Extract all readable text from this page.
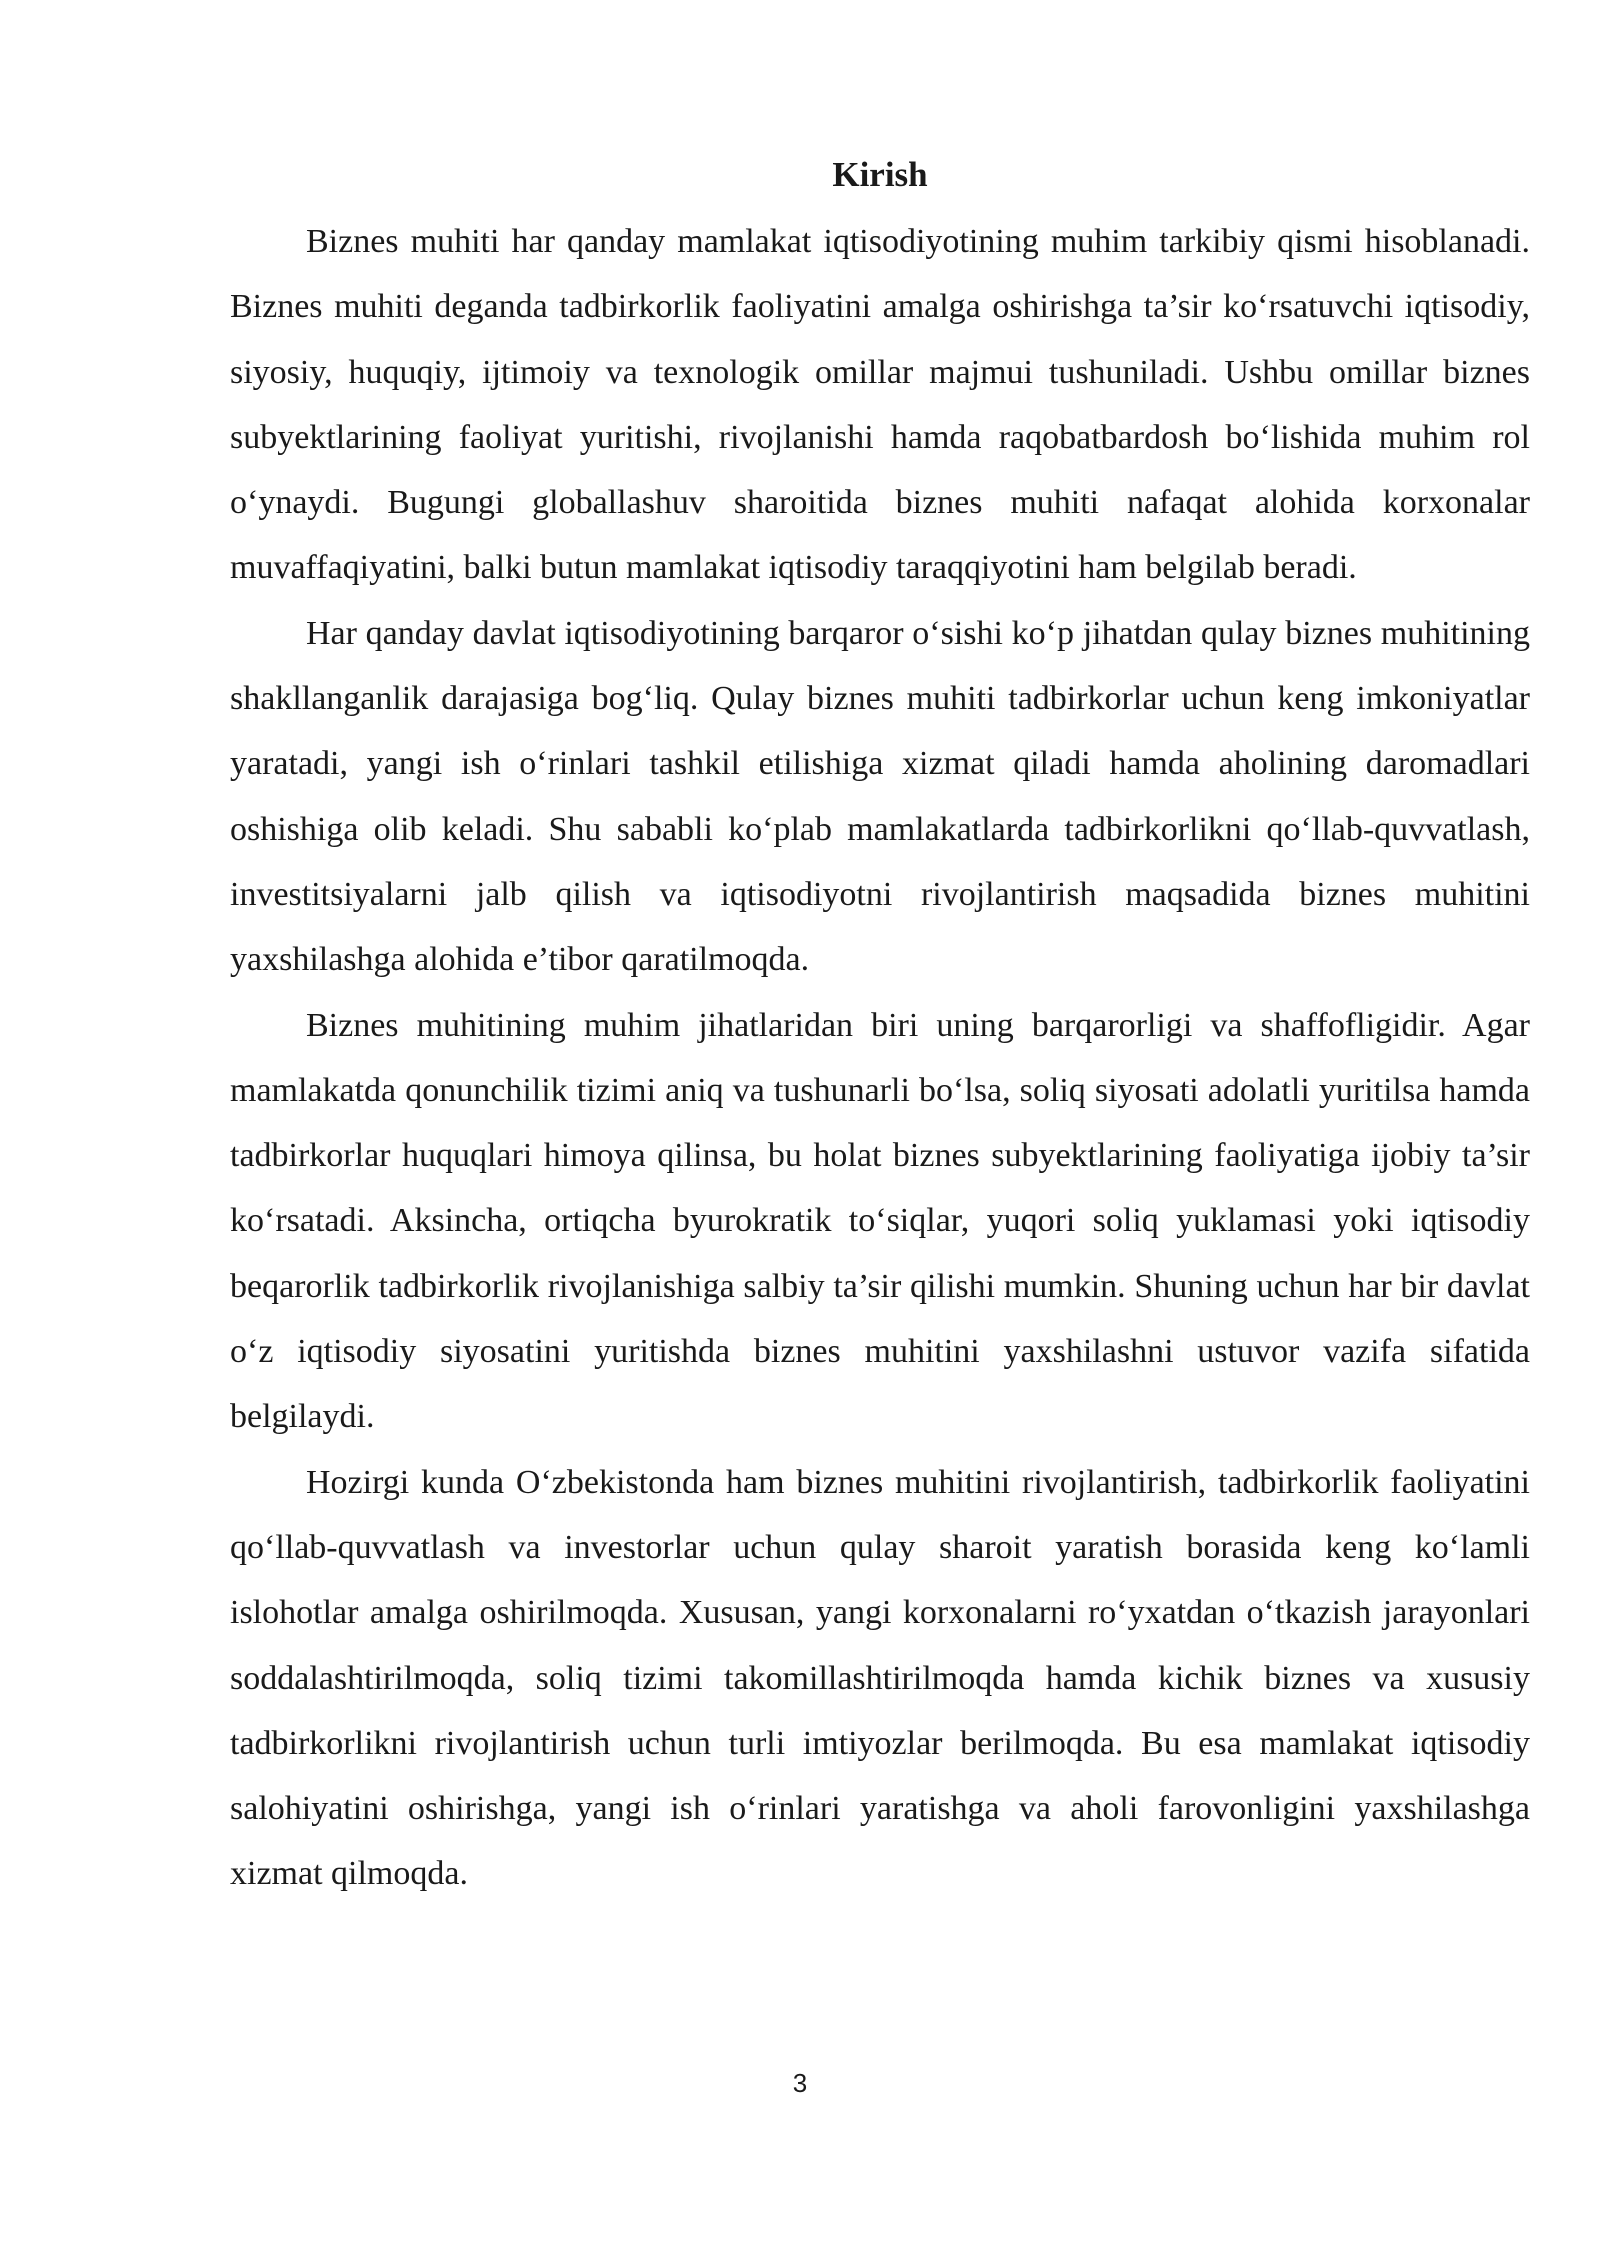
Kirish

Biznes muhiti har qanday mamlakat iqtisodiyotining muhim tarkibiy qismi hisoblanadi. Biznes muhiti deganda tadbirkorlik faoliyatini amalga oshirishga ta’sir ko‘rsatuvchi iqtisodiy, siyosiy, huquqiy, ijtimoiy va texnologik omillar majmui tushuniladi. Ushbu omillar biznes subyektlarining faoliyat yuritishi, rivojlanishi hamda raqobatbardosh bo‘lishida muhim rol o‘ynaydi. Bugungi globallashuv sharoitida biznes muhiti nafaqat alohida korxonalar muvaffaqiyatini, balki butun mamlakat iqtisodiy taraqqiyotini ham belgilab beradi.

Har qanday davlat iqtisodiyotining barqaror o‘sishi ko‘p jihatdan qulay biznes muhitining shakllanganlik darajasiga bog‘liq. Qulay biznes muhiti tadbirkorlar uchun keng imkoniyatlar yaratadi, yangi ish o‘rinlari tashkil etilishiga xizmat qiladi hamda aholining daromadlari oshishiga olib keladi. Shu sababli ko‘plab mamlakatlarda tadbirkorlikni qo‘llab-quvvatlash, investitsiyalarni jalb qilish va iqtisodiyotni rivojlantirish maqsadida biznes muhitini yaxshilashga alohida e’tibor qaratilmoqda.

Biznes muhitining muhim jihatlaridan biri uning barqarorligi va shaffofligidir. Agar mamlakatda qonunchilik tizimi aniq va tushunarli bo‘lsa, soliq siyosati adolatli yuritilsa hamda tadbirkorlar huquqlari himoya qilinsa, bu holat biznes subyektlarining faoliyatiga ijobiy ta’sir ko‘rsatadi. Aksincha, ortiqcha byurokratik to‘siqlar, yuqori soliq yuklamasi yoki iqtisodiy beqarorlik tadbirkorlik rivojlanishiga salbiy ta’sir qilishi mumkin. Shuning uchun har bir davlat o‘z iqtisodiy siyosatini yuritishda biznes muhitini yaxshilashni ustuvor vazifa sifatida belgilaydi.

Hozirgi kunda O‘zbekistonda ham biznes muhitini rivojlantirish, tadbirkorlik faoliyatini qo‘llab-quvvatlash va investorlar uchun qulay sharoit yaratish borasida keng ko‘lamli islohotlar amalga oshirilmoqda. Xususan, yangi korxonalarni ro‘yxatdan o‘tkazish jarayonlari soddalashtirilmoqda, soliq tizimi takomillashtirilmoqda hamda kichik biznes va xususiy tadbirkorlikni rivojlantirish uchun turli imtiyozlar berilmoqda. Bu esa mamlakat iqtisodiy salohiyatini oshirishga, yangi ish o‘rinlari yaratishga va aholi farovonligini yaxshilashga xizmat qilmoqda.

3
